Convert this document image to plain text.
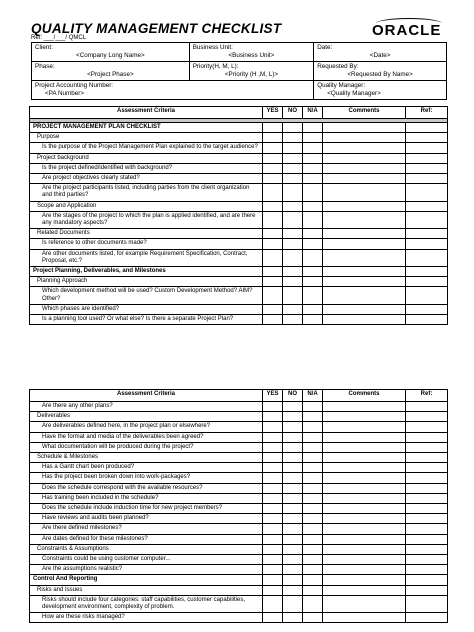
QUALITY MANAGEMENT CHECKLIST	ORACLE
Ref: ___/___/ QMCL
Client:
<Company Long Name>	Business Unit:
<Business Unit>	Date:
<Date>

Phase:
<Project Phase>	Priority(H, M, L):
<Priority (H ,M, L)>	Requested By:
<Requested By Name>

Project Accounting Number:
<PA Number>		Quality Manager:
<Quality Manager>
Assessment Criteria	YES	NO	N/A	Comments	Ref:

PROJECT MANAGEMENT PLAN CHECKLIST					
Purpose					
Is the purpose of the Project Management Plan explained to the target audience?					
Project background					
Is the project defined/identified with background?					
Are project objectives clearly stated?					
Are the project participants listed, including parties from the client organization and third parties?					
Scope and Application					
Are the stages of the project to which the plan is applied identified, and are there any mandatory aspects?					
Related Documents					
Is reference to other documents made?					
Are other documents listed, for example Requirement Specification, Contract, Proposal, etc.?					
Project Planning, Deliverables, and Milestones					
Planning Approach					
Which development method will be used? Custom Development Method? AIM? Other?					
Which phases are identified?					
Is a planning tool used? Or what else? Is there a separate Project Plan?					
Assessment Criteria	YES	NO	N/A	Comments	Ref:
Are there any other plans?					
Deliverables					
Are deliverables defined here, in the project plan or elsewhere?					
Have the format and media of the deliverables been agreed?					
What documentation will be produced during the project?					
Schedule & Milestones					
Has a Gantt chart been produced?					
Has the project been broken down into work-packages?					
Does the schedule correspond with the available resources?					
Has training been included in the schedule?					
Does the schedule include induction time for new project members?					
Have reviews and audits been planned?					
Are there defined milestones?					
Are dates defined for these milestones?					
Constraints & Assumptions					
Constraints could be using customer computer...					
Are the assumptions realistic?					
Control And Reporting					
Risks and Issues					
Risks should include four categories: staff capabilities, customer capabilities, development environment, complexity of problem.					
How are these risks managed?					
